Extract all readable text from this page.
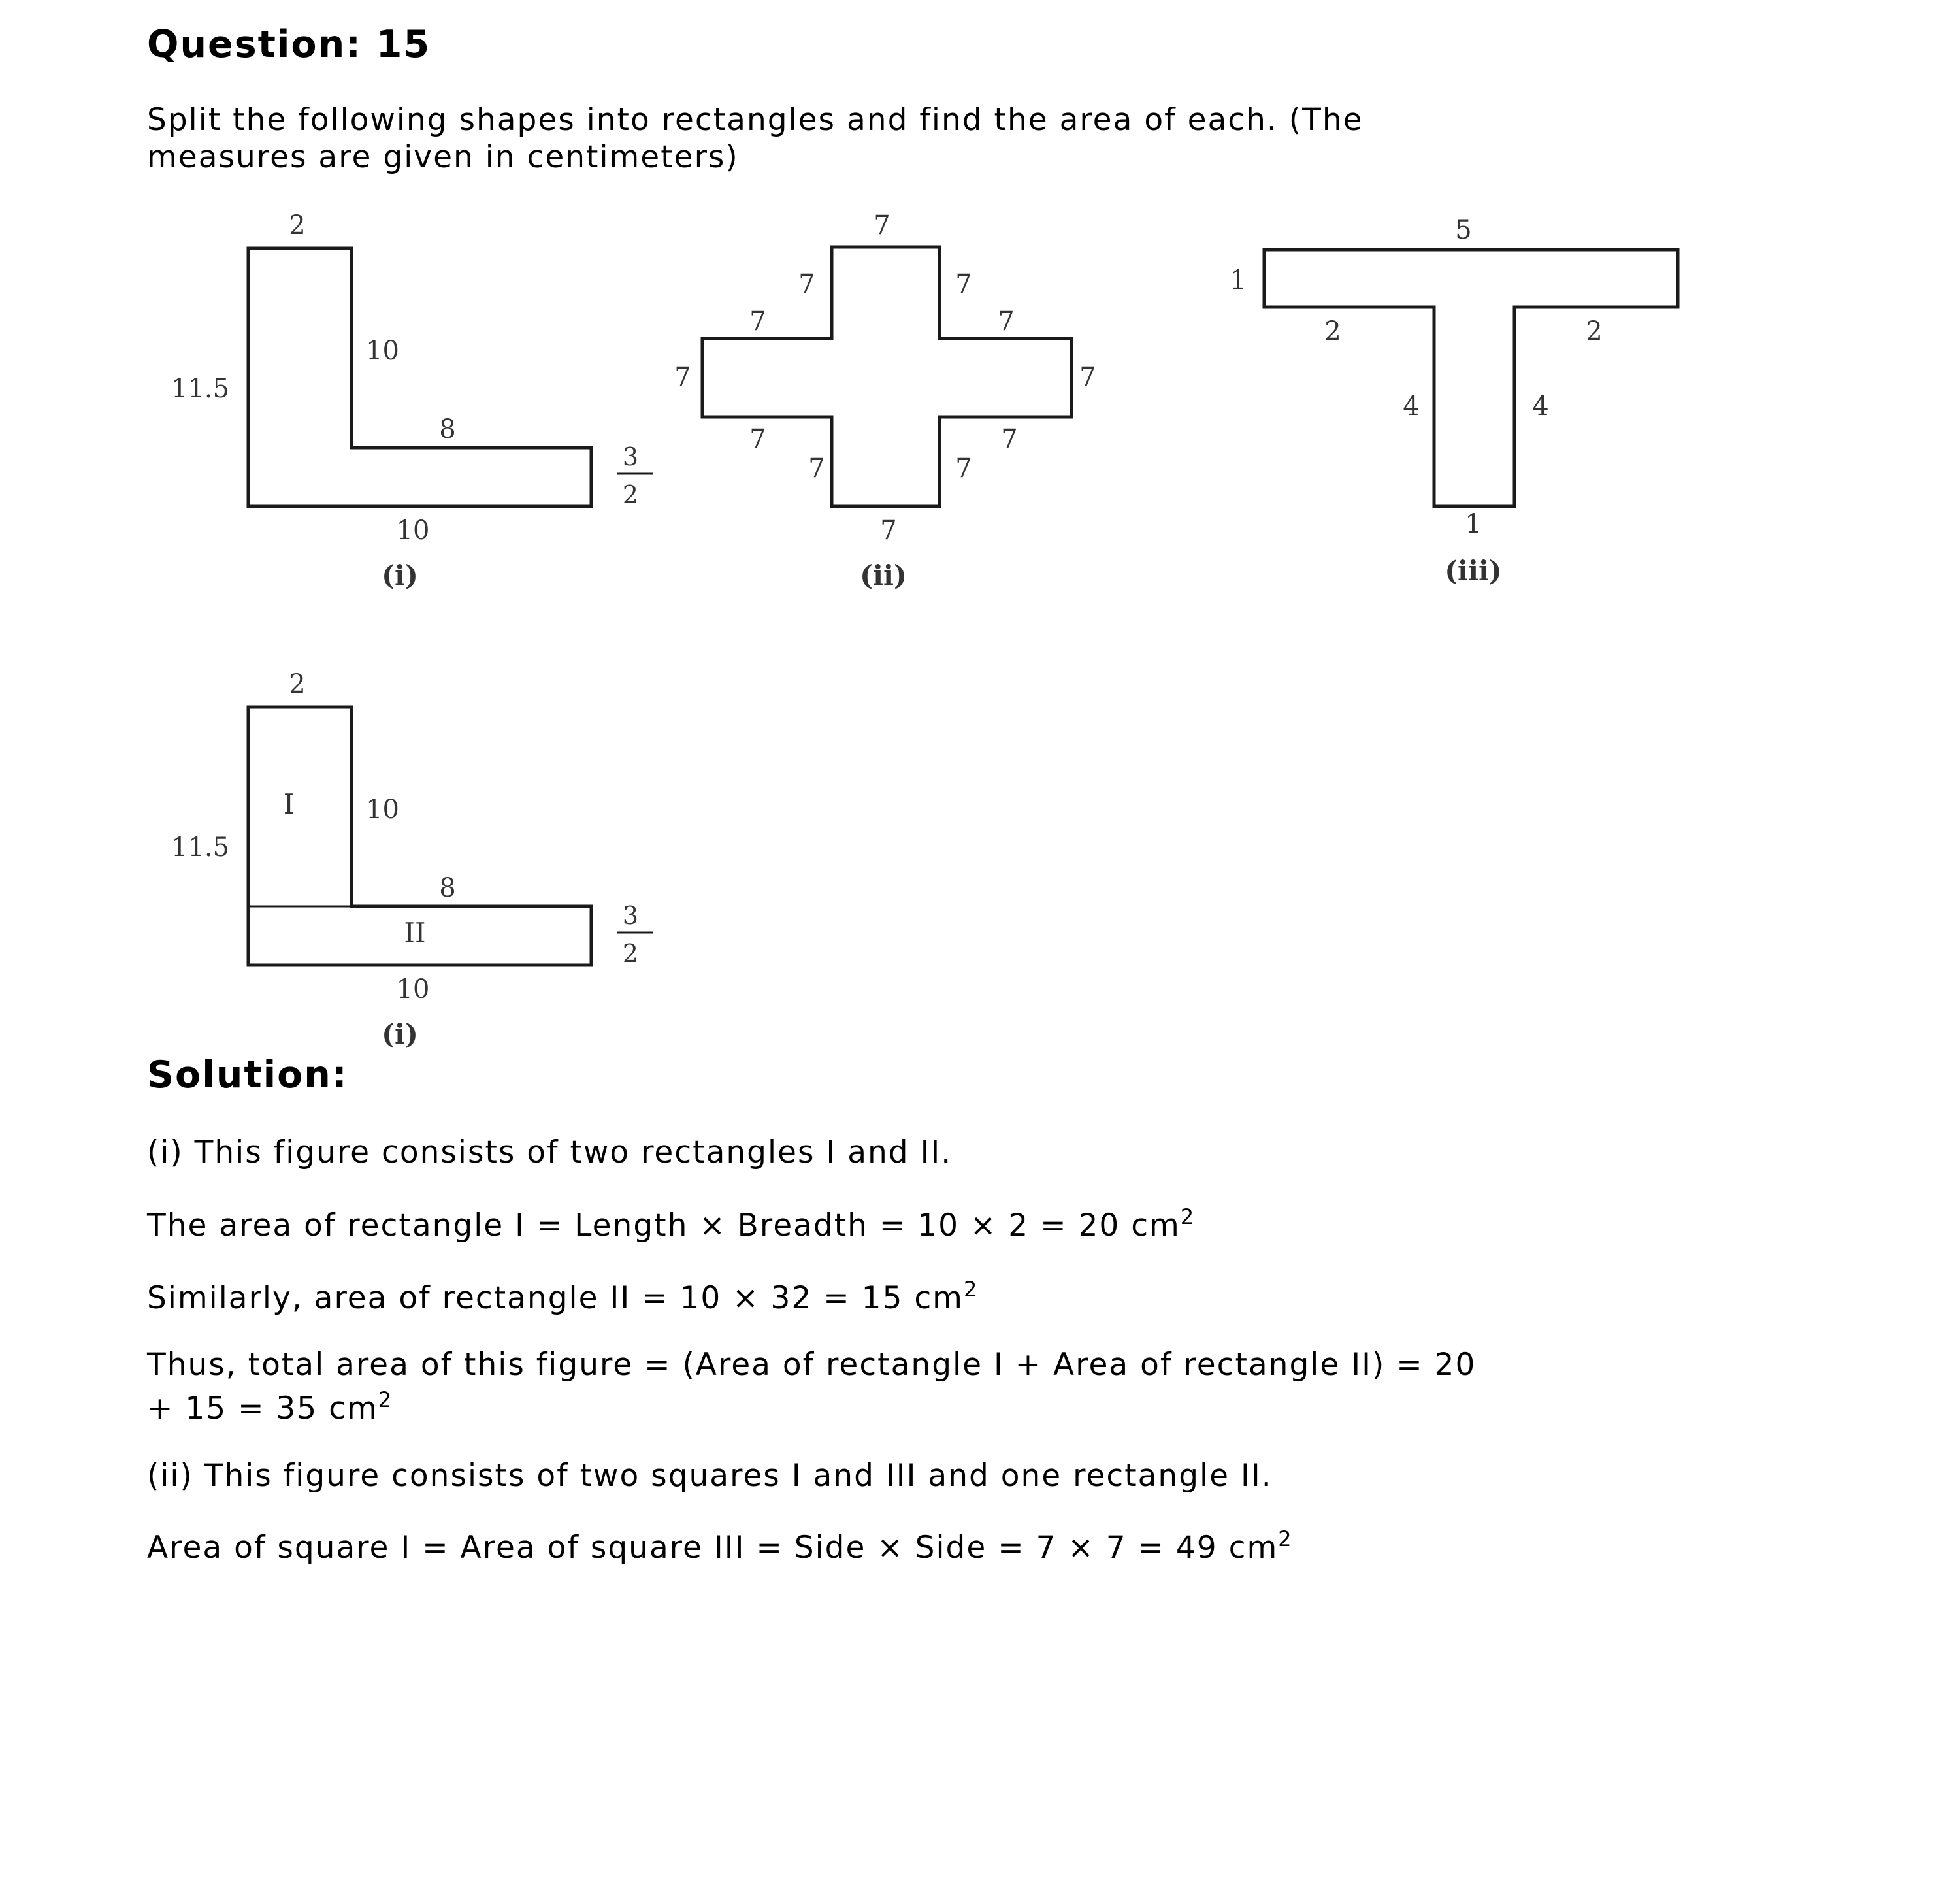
Question: 15

Split the following shapes into rectangles and find the area of each. (The

measures are given in centimeters)

2
11.5
10
8
3
2
10
(i)
7
7	7
7	7
7	7
7	7
7	7
7
(ii)
5
1
2	2
4	4
1
(iii)
2
I
11.5
10
8
II
3
2
10
(i)
Solution:

(i) This figure consists of two rectangles I and II.

The area of rectangle I = Length × Breadth = 10 × 2 = 20 $cm^2$

Similarly, area of rectangle II = 10 × 32 = 15 $cm^2$

Thus, total area of this figure = (Area of rectangle I + Area of rectangle II) = 20

+ 15 = 35 $cm^2$

(ii) This figure consists of two squares I and III and one rectangle II.

Area of square I = Area of square III = Side × Side = 7 × 7 = 49 $cm^2$
